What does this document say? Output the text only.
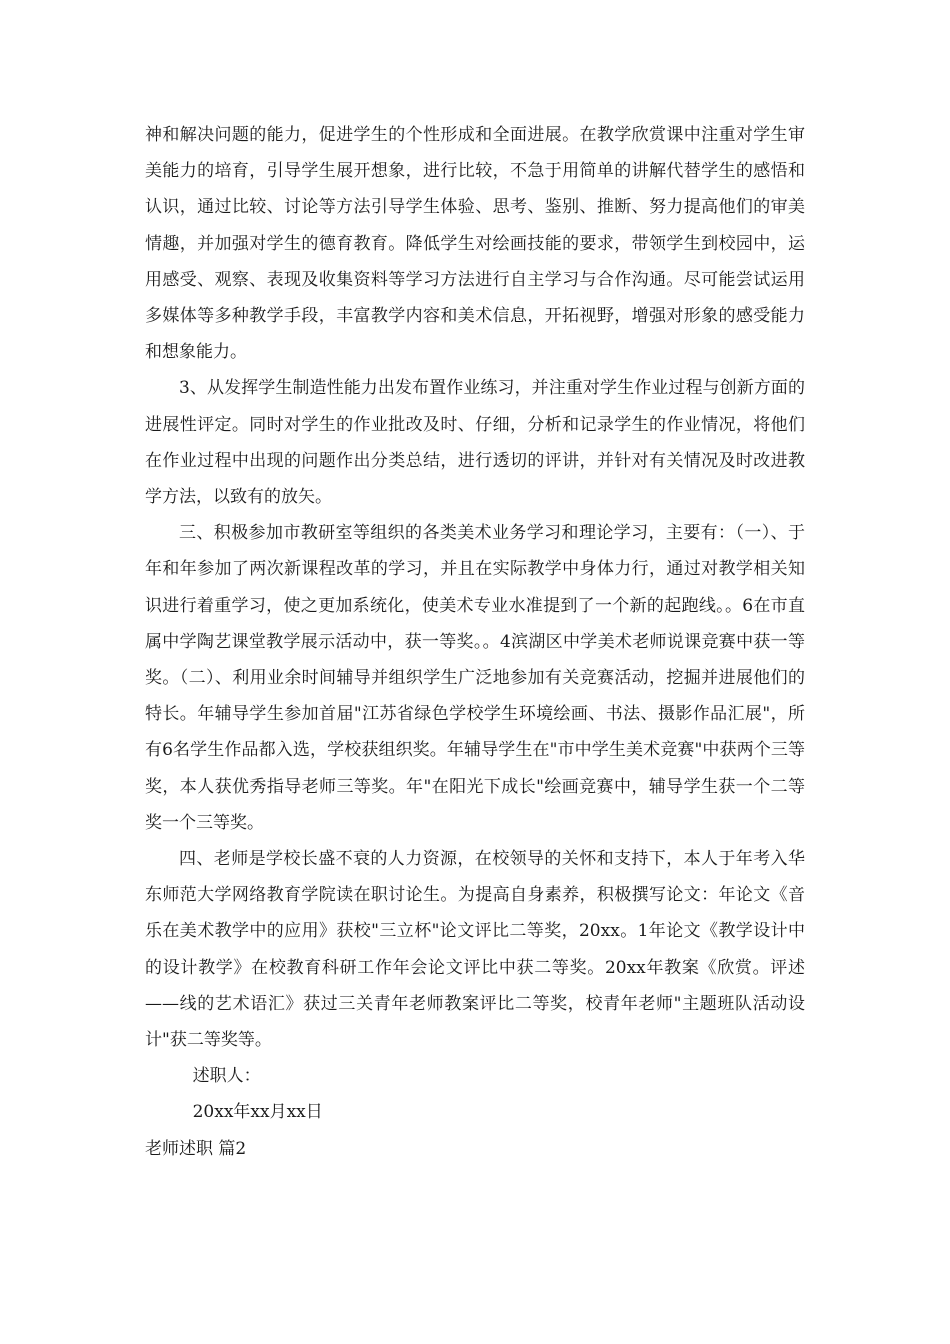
神和解决问题的能力，促进学生的个性形成和全面进展。在教学欣赏课中注重对学生审美能力的培育，引导学生展开想象，进行比较，不急于用简单的讲解代替学生的感悟和认识，通过比较、讨论等方法引导学生体验、思考、鉴别、推断、努力提高他们的审美情趣，并加强对学生的德育教育。降低学生对绘画技能的要求，带领学生到校园中，运用感受、观察、表现及收集资料等学习方法进行自主学习与合作沟通。尽可能尝试运用多媒体等多种教学手段，丰富教学内容和美术信息，开拓视野，增强对形象的感受能力和想象能力。

3、从发挥学生制造性能力出发布置作业练习，并注重对学生作业过程与创新方面的进展性评定。同时对学生的作业批改及时、仔细，分析和记录学生的作业情况，将他们在作业过程中出现的问题作出分类总结，进行透切的评讲，并针对有关情况及时改进教学方法，以致有的放矢。

三、积极参加市教研室等组织的各类美术业务学习和理论学习，主要有：（一）、于年和年参加了两次新课程改革的学习，并且在实际教学中身体力行，通过对教学相关知识进行着重学习，使之更加系统化，使美术专业水准提到了一个新的起跑线。。6在市直属中学陶艺课堂教学展示活动中，获一等奖。。4滨湖区中学美术老师说课竞赛中获一等奖。（二）、利用业余时间辅导并组织学生广泛地参加有关竞赛活动，挖掘并进展他们的特长。年辅导学生参加首届"江苏省绿色学校学生环境绘画、书法、摄影作品汇展"，所有6名学生作品都入选，学校获组织奖。年辅导学生在"市中学生美术竞赛"中获两个三等奖，本人获优秀指导老师三等奖。年"在阳光下成长"绘画竞赛中，辅导学生获一个二等奖一个三等奖。

四、老师是学校长盛不衰的人力资源，在校领导的关怀和支持下，本人于年考入华东师范大学网络教育学院读在职讨论生。为提高自身素养，积极撰写论文：年论文《音乐在美术教学中的应用》获校"三立杯"论文评比二等奖，20xx。1年论文《教学设计中的设计教学》在校教育科研工作年会论文评比中获二等奖。20xx年教案《欣赏。评述——线的艺术语汇》获过三关青年老师教案评比二等奖，校青年老师"主题班队活动设计"获二等奖等。

述职人：

20xx年xx月xx日

老师述职 篇2
